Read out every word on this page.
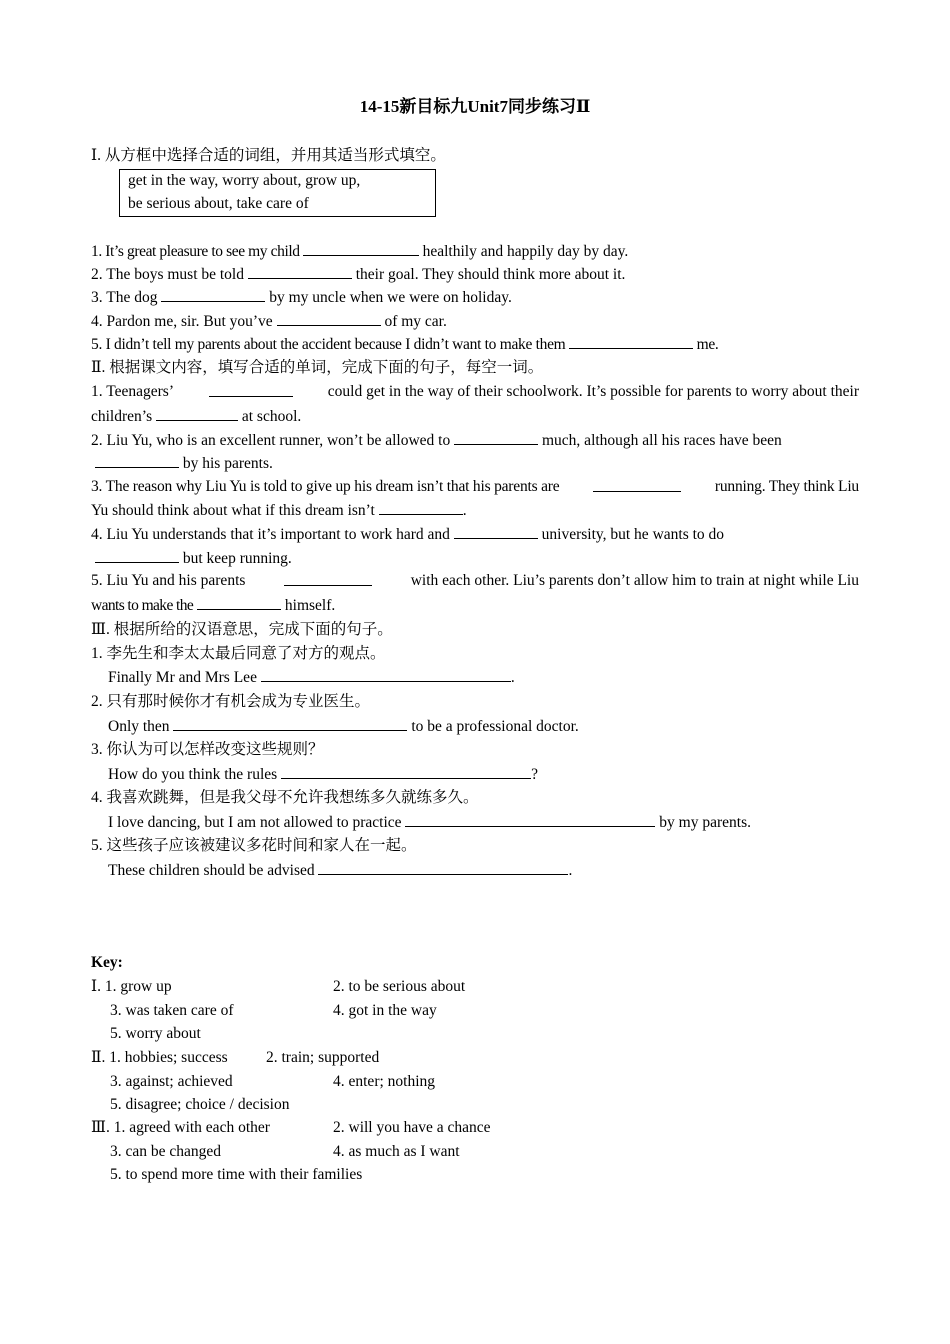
14-15新目标九Unit7同步练习Ⅱ
Ⅰ. 从方框中选择合适的词组，并用其适当形式填空。
get in the way, worry about, grow up,
be serious about, take care of
1. It’s great pleasure to see my child	healthily and happily day by day.
2. The boys must be told	their goal. They should think more about it.
3. The dog	by my uncle when we were on holiday.
4. Pardon me, sir. But you’ve	of my car.
5. I didn’t tell my parents about the accident because I didn’t want to make them	me.
Ⅱ. 根据课文内容，填写合适的单词，完成下面的句子，每空一词。
1. Teenagers’	could get in the way of their schoolwork. It’s possible for parents to worry about their
children’s	at school.
2. Liu Yu, who is an excellent runner, won’t be allowed to	much, although all his races have been
by his parents.
3. The reason why Liu Yu is told to give up his dream isn’t that his parents are	running. They think Liu
Yu should think about what if this dream isn’t	.
4. Liu Yu understands that it’s important to work hard and	university, but he wants to do
but keep running.
5. Liu Yu and his parents	with each other. Liu’s parents don’t allow him to train at night while Liu
wants to make the	himself.
Ⅲ. 根据所给的汉语意思，完成下面的句子。
1. 李先生和李太太最后同意了对方的观点。
Finally Mr and Mrs Lee	.
2. 只有那时候你才有机会成为专业医生。
Only then	to be a professional doctor.
3. 你认为可以怎样改变这些规则？
How do you think the rules	?
4. 我喜欢跳舞，但是我父母不允许我想练多久就练多久。
I love dancing, but I am not allowed to practice	by my parents.
5. 这些孩子应该被建议多花时间和家人在一起。
These children should be advised	.
Key:
Ⅰ. 1. grow up	2. to be serious about
3. was taken care of	4. got in the way
5. worry about
Ⅱ. 1. hobbies; success 2. train; supported
3. against; achieved	4. enter; nothing
5. disagree; choice / decision
Ⅲ. 1. agreed with each other	2. will you have a chance
3. can be changed	4. as much as I want
5. to spend more time with their families
